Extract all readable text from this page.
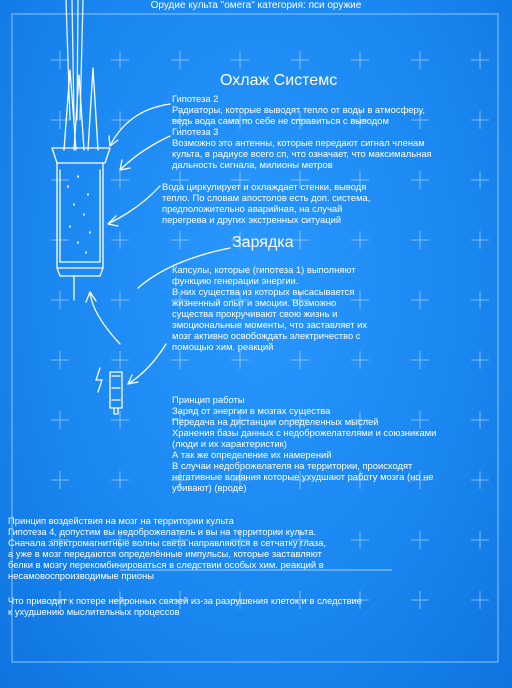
Орудие культа "омега" категория: пси оружие

Охлаж Системс

Гипотеза 2
Радиаторы, которые выводят тепло от воды в атмосферу,
ведь вода сама по себе не справиться с выводом
Гипотеза 3
Возможно это антенны, которые передают сигнал членам
культа, в радиусе всего сп, что означает, что максимальная
дальность сигнала, милионы метров

Вода циркулирует и охлаждает стенки, выводя
тепло. По словам апостолов есть доп. система,
предположительно аварийная, на случай
перегрева и других экстренных ситуаций

Зарядка

Капсулы, которые (гипотеза 1) выполняют
функцию генерации энергии.
В них существа из которых высасывается
жизненный опыт и эмоции. Возможно
существа прокручивают свою жизнь и
эмоциональные моменты, что заставляет их
мозг активно освобождать электричество с
помощью хим. реакций

Принцип работы
Заряд от энергии в мозгах существа
Передача на дистанции определенных мыслей
Хранения базы данных с недоброжелателями и союзниками
(люди и их характеристик)
А так же определение их намерений
В случаи недоброжелателя на территории, происходят
негативные влияния которые ухудшают работу мозга (но не
убивают) (вроде)

Принцип воздействия на мозг на территории культа
Гипотеза 4, допустим вы недоброжелатель и вы на территории культа.
Сначала электромагнитные волны света направляются в сетчатку глаза,
а уже в мозг передаются определённые импульсы, которые заставляют
белки в мозгу перекомбинироваться в следствии особых хим. реакций в
несамовоспроизводимые прионы

Что приводит к потере нейронных связей из-за разрушения клеток и в следствие
к ухудшению мыслительных процессов
